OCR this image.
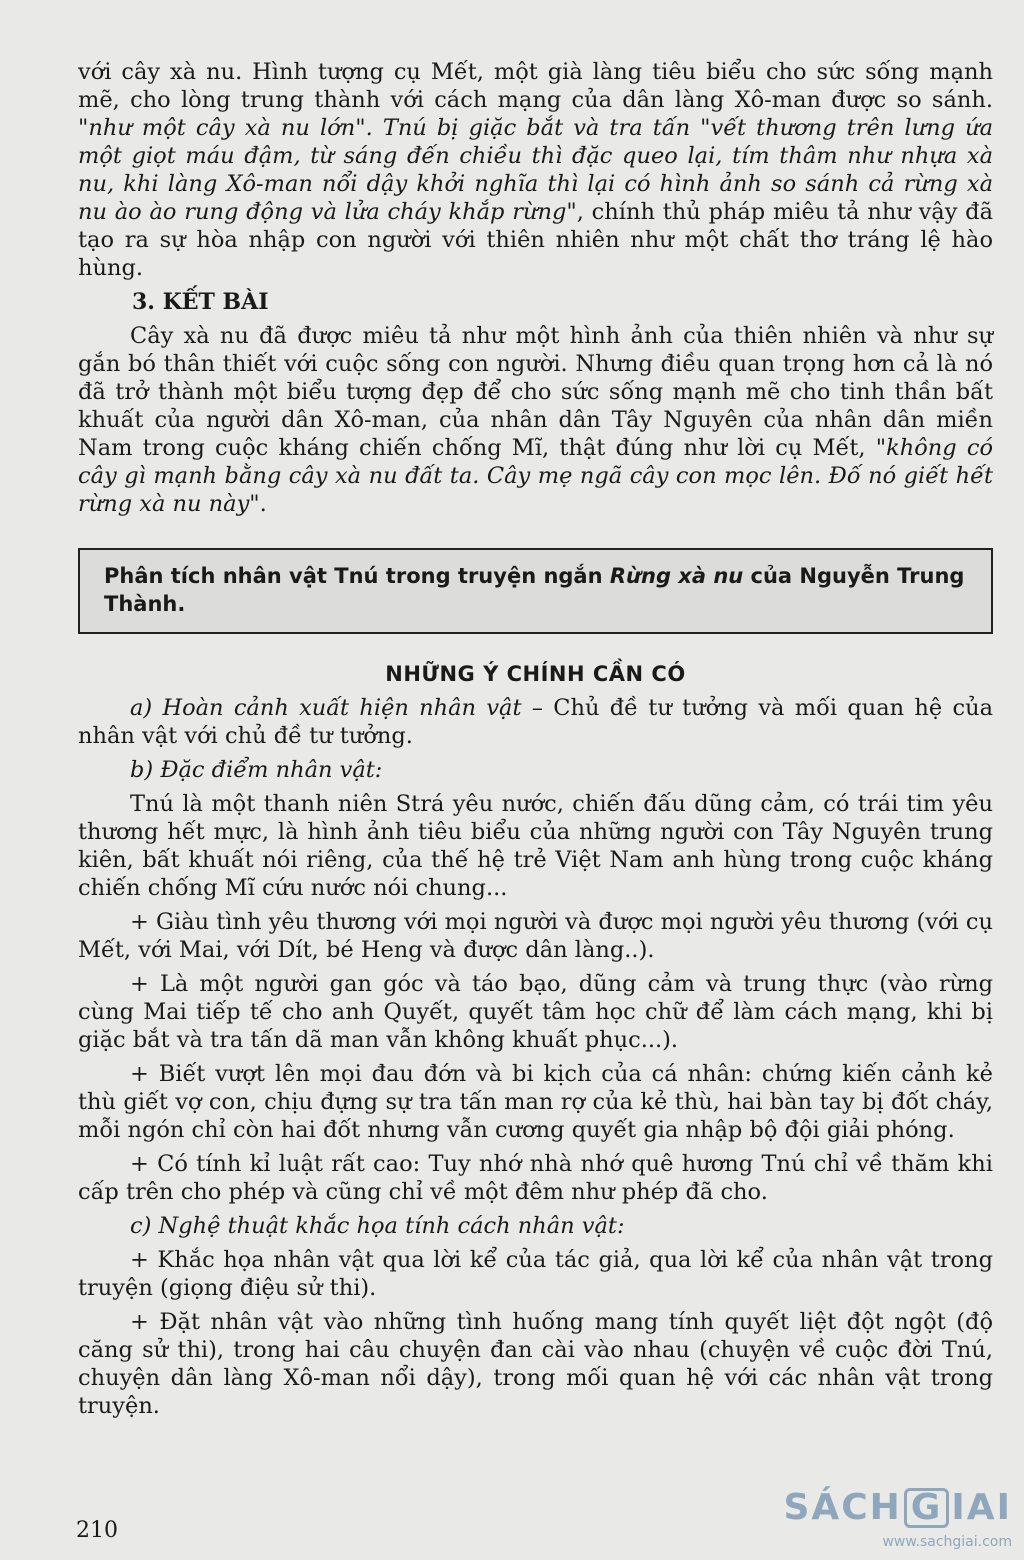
với cây xà nu. Hình tượng cụ Mết, một già làng tiêu biểu cho sức sống mạnh mẽ, cho lòng trung thành với cách mạng của dân làng Xô-man được so sánh. "như một cây xà nu lớn". Tnú bị giặc bắt và tra tấn "vết thương trên lưng ứa một giọt máu đậm, từ sáng đến chiều thì đặc queo lại, tím thâm như nhựa xà nu, khi làng Xô-man nổi dậy khởi nghĩa thì lại có hình ảnh so sánh cả rừng xà nu ào ào rung động và lửa cháy khắp rừng", chính thủ pháp miêu tả như vậy đã tạo ra sự hòa nhập con người với thiên nhiên như một chất thơ tráng lệ hào hùng.

3. KẾT BÀI

Cây xà nu đã được miêu tả như một hình ảnh của thiên nhiên và như sự gắn bó thân thiết với cuộc sống con người. Nhưng điều quan trọng hơn cả là nó đã trở thành một biểu tượng đẹp để cho sức sống mạnh mẽ cho tinh thần bất khuất của người dân Xô-man, của nhân dân Tây Nguyên của nhân dân miền Nam trong cuộc kháng chiến chống Mĩ, thật đúng như lời cụ Mết, "không có cây gì mạnh bằng cây xà nu đất ta. Cây mẹ ngã cây con mọc lên. Đố nó giết hết rừng xà nu này".

Phân tích nhân vật Tnú trong truyện ngắn Rừng xà nu của Nguyễn Trung Thành.
NHỮNG Ý CHÍNH CẦN CÓ

a) Hoàn cảnh xuất hiện nhân vật – Chủ đề tư tưởng và mối quan hệ của nhân vật với chủ đề tư tưởng.

b) Đặc điểm nhân vật:

Tnú là một thanh niên Strá yêu nước, chiến đấu dũng cảm, có trái tim yêu thương hết mực, là hình ảnh tiêu biểu của những người con Tây Nguyên trung kiên, bất khuất nói riêng, của thế hệ trẻ Việt Nam anh hùng trong cuộc kháng chiến chống Mĩ cứu nước nói chung...

+ Giàu tình yêu thương với mọi người và được mọi người yêu thương (với cụ Mết, với Mai, với Dít, bé Heng và được dân làng..).

+ Là một người gan góc và táo bạo, dũng cảm và trung thực (vào rừng cùng Mai tiếp tế cho anh Quyết, quyết tâm học chữ để làm cách mạng, khi bị giặc bắt và tra tấn dã man vẫn không khuất phục...).

+ Biết vượt lên mọi đau đớn và bi kịch của cá nhân: chứng kiến cảnh kẻ thù giết vợ con, chịu đựng sự tra tấn man rợ của kẻ thù, hai bàn tay bị đốt cháy, mỗi ngón chỉ còn hai đốt nhưng vẫn cương quyết gia nhập bộ đội giải phóng.

+ Có tính kỉ luật rất cao: Tuy nhớ nhà nhớ quê hương Tnú chỉ về thăm khi cấp trên cho phép và cũng chỉ về một đêm như phép đã cho.

c) Nghệ thuật khắc họa tính cách nhân vật:

+ Khắc họa nhân vật qua lời kể của tác giả, qua lời kể của nhân vật trong truyện (giọng điệu sử thi).

+ Đặt nhân vật vào những tình huống mang tính quyết liệt đột ngột (độ căng sử thi), trong hai câu chuyện đan cài vào nhau (chuyện về cuộc đời Tnú, chuyện dân làng Xô-man nổi dậy), trong mối quan hệ với các nhân vật trong truyện.

210
SÁCH G IAI
www.sachgiai.com
